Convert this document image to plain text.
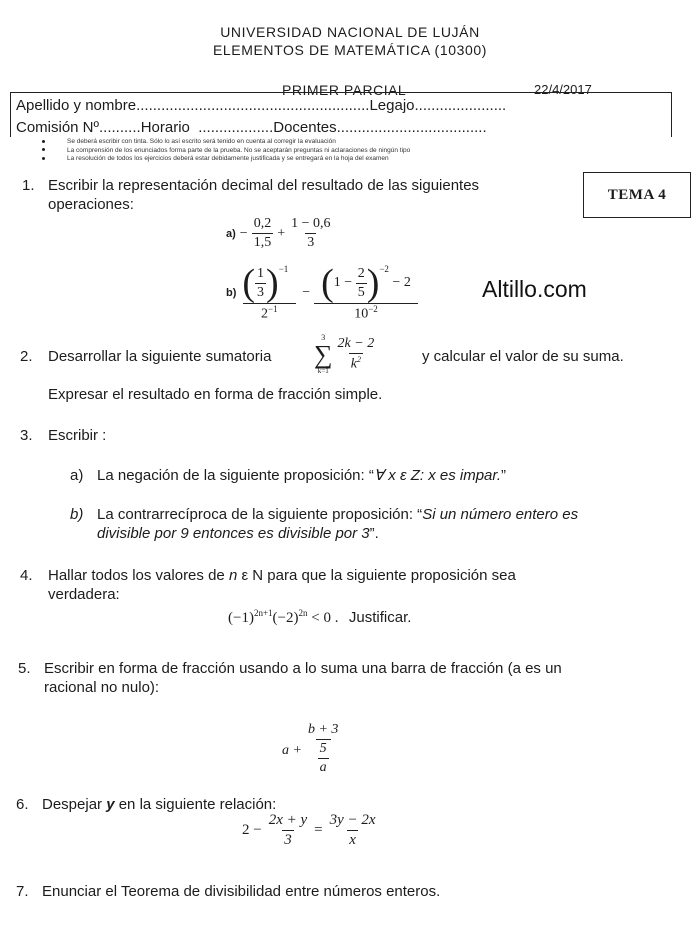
UNIVERSIDAD NACIONAL DE LUJÁN
ELEMENTOS DE MATEMÁTICA (10300)
PRIMER PARCIAL	22/4/2017
Apellido y nombre........................................................Legajo......................
Comisión Nº..........Horario ..................Docentes....................................
Se deberá escribir con tinta. Sólo lo así escrito será tenido en cuenta al corregir la evaluación
La comprensión de los enunciados forma parte de la prueba. No se aceptarán preguntas ni aclaraciones de ningún tipo
La resolución de todos los ejercicios deberá estar debidamente justificada y se entregará en la hoja del examen
TEMA 4
Altillo.com
1. Escribir la representación decimal del resultado de las siguientes
operaciones:
$a) - \frac{0,2}{1,5} + \frac{1 - 0,6}{3}$
$b) \frac{( \frac{1}{3} )^{-1}}{2^{-1}}$ − ( 1 −
$\frac{2}{5} )^{-2}$

− 2
$10^{-2}$
2. Desarrollar la siguiente sumatoria
3
∑
$k=1 \frac{2k - 2}{k^2}$	y calcular el valor de su suma.
Expresar el resultado en forma de fracción simple.
3. Escribir :
a) La negación de la siguiente proposición: “∀ x ε Z: x es impar.”
b) La contrarrecíproca de la siguiente proposición: “Si un número entero es
divisible por 9 entonces es divisible por 3”.
4. Hallar todos los valores de n ε N para que la siguiente proposición sea
verdadera:
$(-1)^{2n+1}(-2)^{2n} < 0$ . Justificar.
5. Escribir en forma de fracción usando a lo suma una barra de fracción (a es un
racional no nulo):
$a + \frac{b + 3}{\frac{5}{a}}$
6. Despejar y en la siguiente relación:
$2 - \frac{2x + y}{3} = \frac{3y - 2x}{x}$
7. Enunciar el Teorema de divisibilidad entre números enteros.
